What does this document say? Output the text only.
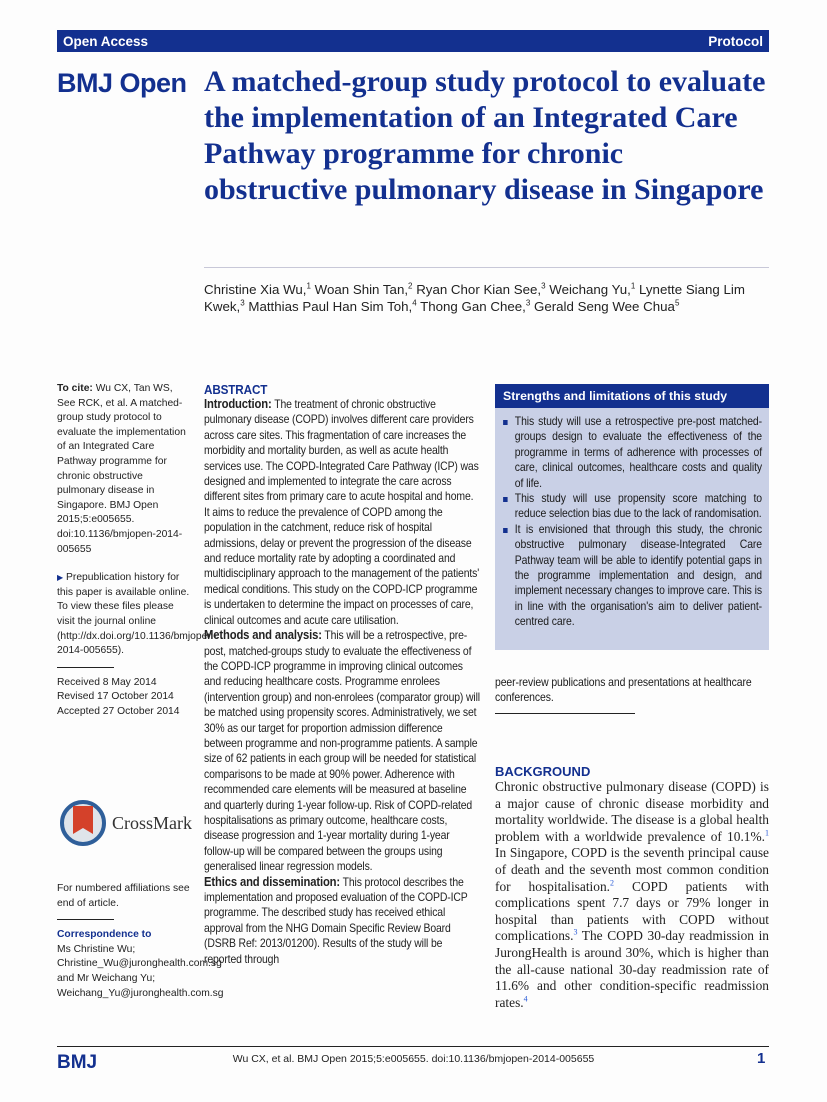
Open Access	Protocol
BMJ Open A matched-group study protocol to evaluate the implementation of an Integrated Care Pathway programme for chronic obstructive pulmonary disease in Singapore
Christine Xia Wu,$^1$ Woan Shin Tan,$^2$ Ryan Chor Kian See,$^3$ Weichang Yu,$^1$ Lynette Siang Lim Kwek,$^3$ Matthias Paul Han Sim Toh,$^4$ Thong Gan Chee,$^3$ Gerald Seng Wee Chua$^5$

To cite: Wu CX, Tan WS, See RCK, et al. A matched-group study protocol to evaluate the implementation of an Integrated Care Pathway programme for chronic obstructive pulmonary disease in Singapore. BMJ Open 2015;5:e005655. doi:10.1136/bmjopen-2014-005655

▶ Prepublication history for this paper is available online. To view these files please visit the journal online (http://dx.doi.org/10.1136/bmjopen-2014-005655).

Received 8 May 2014
Revised 17 October 2014
Accepted 27 October 2014
CrossMark

For numbered affiliations see end of article.

Correspondence to
Ms Christine Wu; Christine_Wu@juronghealth.com.sg and Mr Weichang Yu; Weichang_Yu@juronghealth.com.sg
ABSTRACT

Introduction: The treatment of chronic obstructive pulmonary disease (COPD) involves different care providers across care sites. This fragmentation of care increases the morbidity and mortality burden, as well as acute health services use. The COPD-Integrated Care Pathway (ICP) was designed and implemented to integrate the care across different sites from primary care to acute hospital and home. It aims to reduce the prevalence of COPD among the population in the catchment, reduce risk of hospital admissions, delay or prevent the progression of the disease and reduce mortality rate by adopting a coordinated and multidisciplinary approach to the management of the patients' medical conditions. This study on the COPD-ICP programme is undertaken to determine the impact on processes of care, clinical outcomes and acute care utilisation.

Methods and analysis: This will be a retrospective, pre-post, matched-groups study to evaluate the effectiveness of the COPD-ICP programme in improving clinical outcomes and reducing healthcare costs. Programme enrolees (intervention group) and non-enrolees (comparator group) will be matched using propensity scores. Administratively, we set 30% as our target for proportion admission difference between programme and non-programme patients. A sample size of 62 patients in each group will be needed for statistical comparisons to be made at 90% power. Adherence with recommended care elements will be measured at baseline and quarterly during 1-year follow-up. Risk of COPD-related hospitalisations as primary outcome, healthcare costs, disease progression and 1-year mortality during 1-year follow-up will be compared between the groups using generalised linear regression models.

Ethics and dissemination: This protocol describes the implementation and proposed evaluation of the COPD-ICP programme. The described study has received ethical approval from the NHG Domain Specific Review Board (DSRB Ref: 2013/01200). Results of the study will be reported through

Strengths and limitations of this study
This study will use a retrospective pre-post matched-groups design to evaluate the effectiveness of the programme in terms of adherence with processes of care, clinical outcomes, healthcare costs and quality of life.
This study will use propensity score matching to reduce selection bias due to the lack of randomisation.
It is envisioned that through this study, the chronic obstructive pulmonary disease-Integrated Care Pathway team will be able to identify potential gaps in the programme implementation and design, and implement necessary changes to improve care. This is in line with the organisation's aim to deliver patient-centred care.
peer-review publications and presentations at healthcare conferences.
BACKGROUND

Chronic obstructive pulmonary disease (COPD) is a major cause of chronic disease morbidity and mortality worldwide. The disease is a global health problem with a worldwide prevalence of 10.1%.$^1$ In Singapore, COPD is the seventh principal cause of death and the seventh most common condition for hospitalisation.$^2$ COPD patients with complications spent 7.7 days or 79% longer in hospital than patients with COPD without complications.$^3$ The COPD 30-day readmission in JurongHealth is around 30%, which is higher than the all-cause national 30-day readmission rate of 11.6% and other condition-specific readmission rates.$^4$

BMJ	Wu CX, et al. BMJ Open 2015;5:e005655. doi:10.1136/bmjopen-2014-005655	1
